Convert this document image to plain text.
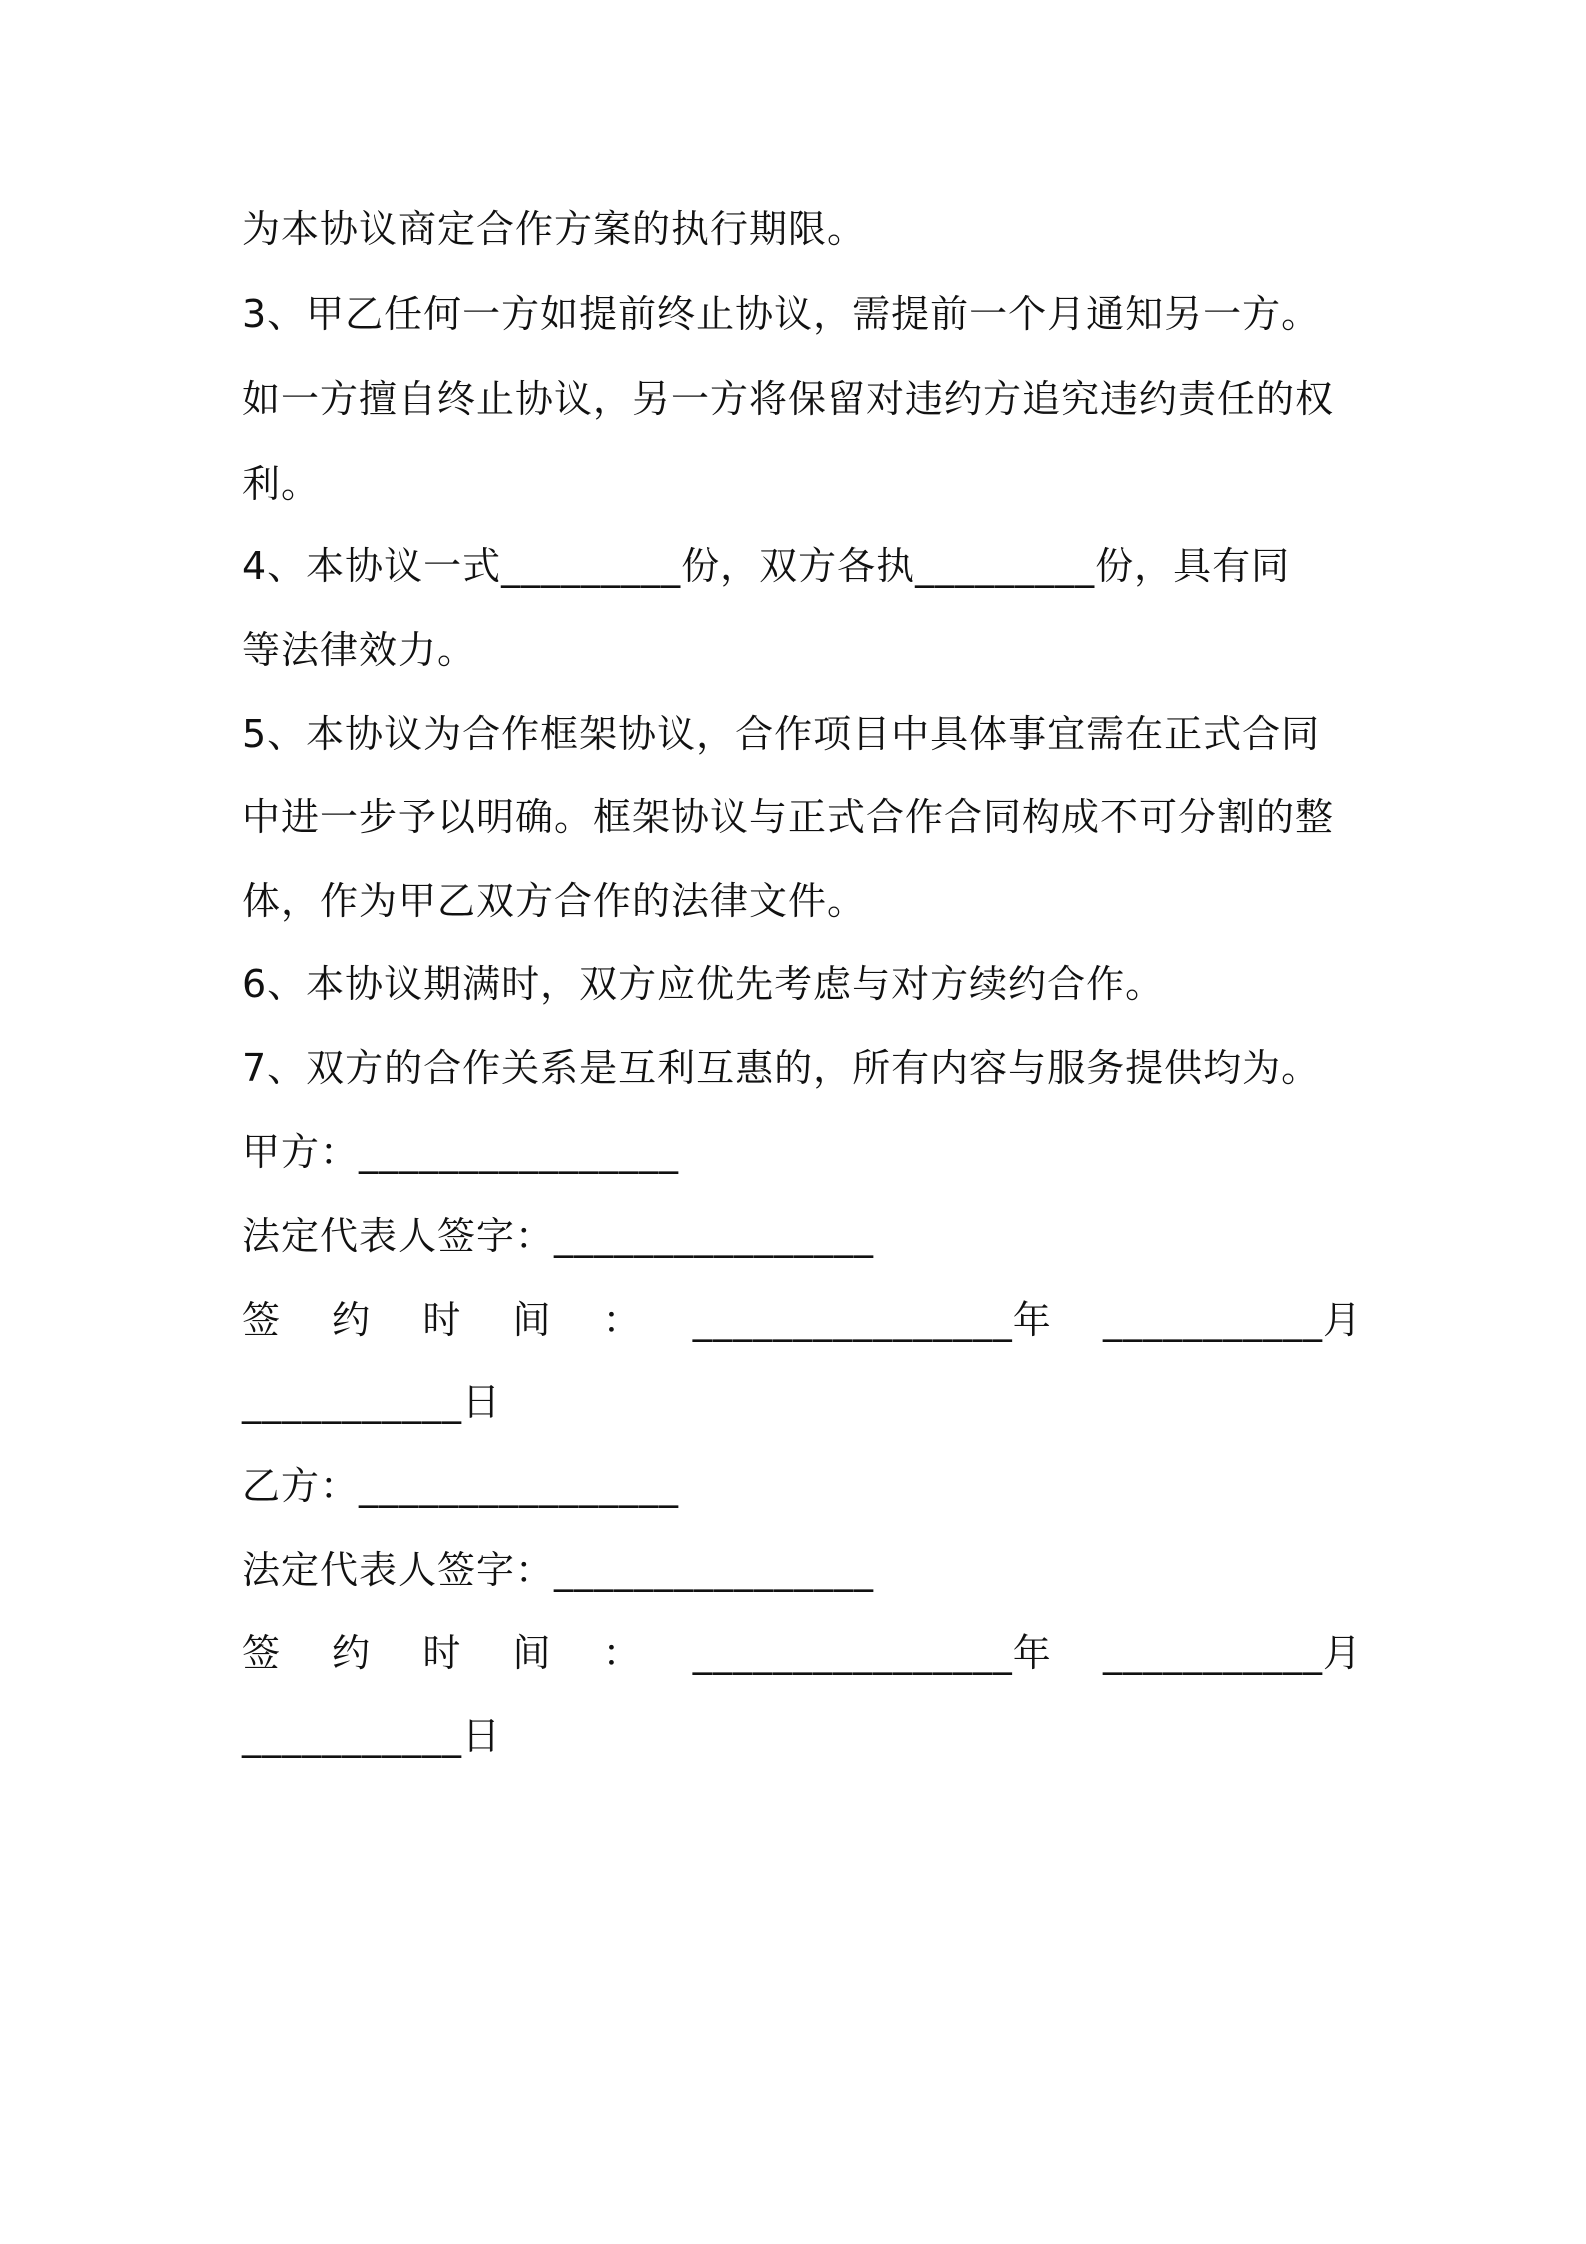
为本协议商定合作方案的执行期限。
3、甲乙任何一方如提前终止协议，需提前一个月通知另一方。
如一方擅自终止协议，另一方将保留对违约方追究违约责任的权
利。
4、本协议一式_________份，双方各执_________份，具有同
等法律效力。
5、本协议为合作框架协议，合作项目中具体事宜需在正式合同
中进一步予以明确。框架协议与正式合作合同构成不可分割的整
体，作为甲乙双方合作的法律文件。
6、本协议期满时，双方应优先考虑与对方续约合作。
7、双方的合作关系是互利互惠的，所有内容与服务提供均为。
甲方：________________
法定代表人签字：________________
签 约 时 间 ： ________________年 ___________月
___________日
乙方：________________
法定代表人签字：________________
签 约 时 间 ： ________________年 ___________月
___________日
